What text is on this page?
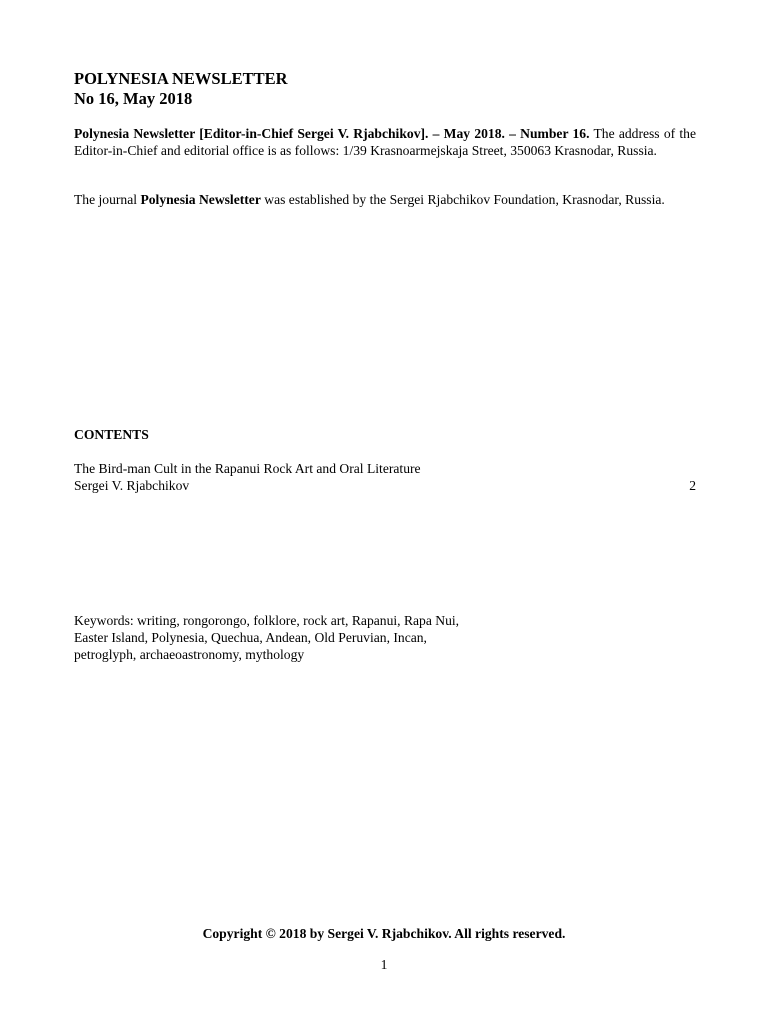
POLYNESIA NEWSLETTER
No 16, May 2018

Polynesia Newsletter [Editor-in-Chief Sergei V. Rjabchikov]. – May 2018. – Number 16. The address of the Editor-in-Chief and editorial office is as follows: 1/39 Krasnoarmejskaja Street, 350063 Krasnodar, Russia.

The journal Polynesia Newsletter was established by the Sergei Rjabchikov Foundation, Krasnodar, Russia.

CONTENTS
The Bird-man Cult in the Rapanui Rock Art and Oral Literature
Sergei V. Rjabchikov	2
Keywords: writing, rongorongo, folklore, rock art, Rapanui, Rapa Nui,
Easter Island, Polynesia, Quechua, Andean, Old Peruvian, Incan,
petroglyph, archaeoastronomy, mythology
Copyright © 2018 by Sergei V. Rjabchikov. All rights reserved.
1
